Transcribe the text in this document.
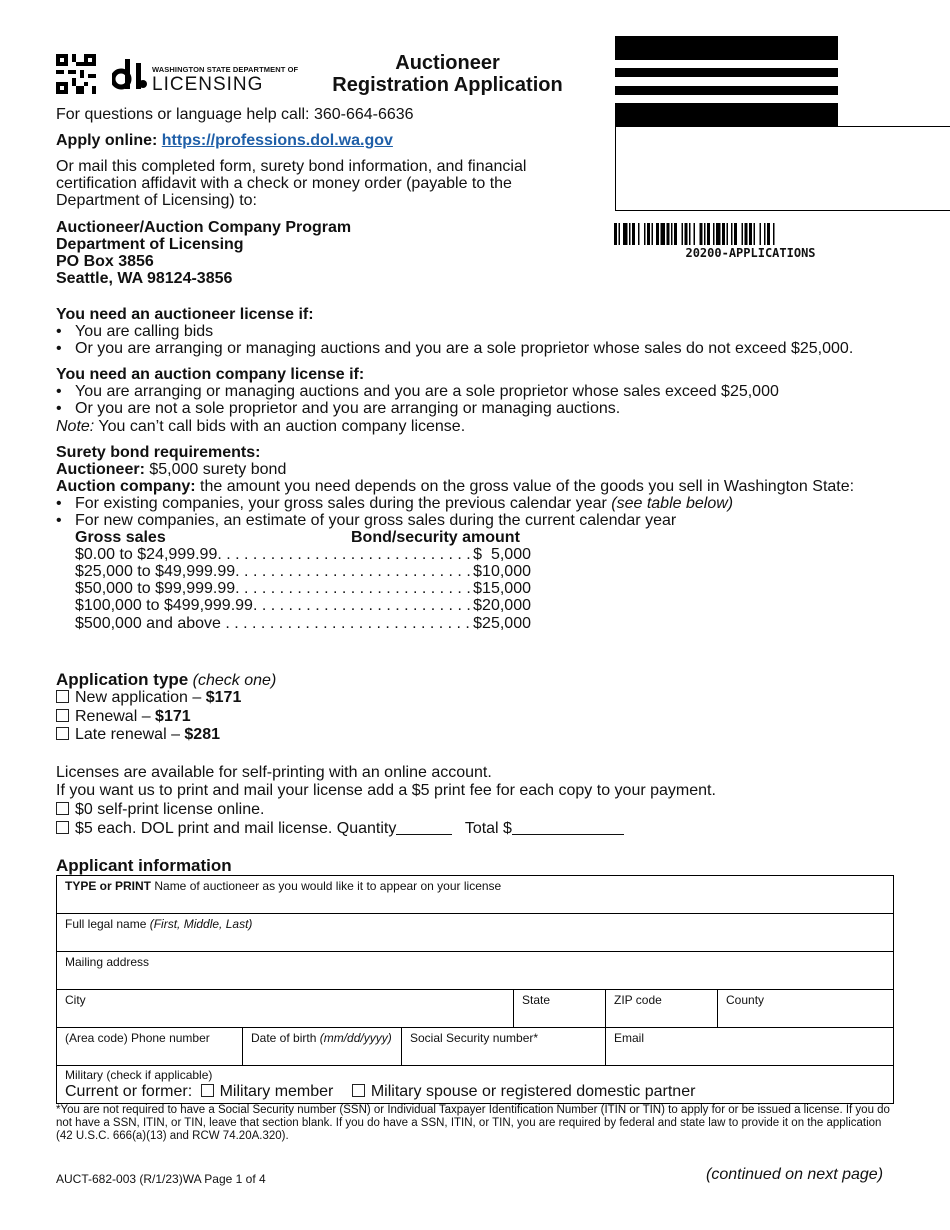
WASHINGTON STATE DEPARTMENT OF
LICENSING
Auctioneer
Registration Application
20200-APPLICATIONS
For questions or language help call: 360-664-6636
Apply online: https://professions.dol.wa.gov
Or mail this completed form, surety bond information, and financial
certification affidavit with a check or money order (payable to the
Department of Licensing) to:
Auctioneer/Auction Company Program
Department of Licensing
PO Box 3856
Seattle, WA 98124-3856
You need an auctioneer license if:
• You are calling bids
• Or you are arranging or managing auctions and you are a sole proprietor whose sales do not exceed $25,000.
You need an auction company license if:
• You are arranging or managing auctions and you are a sole proprietor whose sales exceed $25,000
• Or you are not a sole proprietor and you are arranging or managing auctions.
Note: You can’t call bids with an auction company license.
Surety bond requirements:
Auctioneer: $5,000 surety bond
Auction company: the amount you need depends on the gross value of the goods you sell in Washington State:
• For existing companies, your gross sales during the previous calendar year (see table below)
• For new companies, an estimate of your gross sales during the current calendar year
Gross sales	Bond/security amount
$0.00 to $24,999.99 . . .	$  5,000
$25,000 to $49,999.99 . . .	$10,000
$50,000 to $99,999.99 . . .	$15,000
$100,000 to $499,999.99 . . .	$20,000
$500,000 and above . . .	$25,000
Application type (check one)
New application – $171
Renewal – $171
Late renewal – $281
Licenses are available for self-printing with an online account.
If you want us to print and mail your license add a $5 print fee for each copy to your payment.
$0 self-print license online.
$5 each. DOL print and mail license. Quantity	Total $
Applicant information
TYPE or PRINT Name of auctioneer as you would like it to appear on your license
Full legal name (First, Middle, Last)
Mailing address
City	State	ZIP code	County
(Area code) Phone number	Date of birth (mm/dd/yyyy)	Social Security number*	Email
Military (check if applicable)
Current or former: Military member Military spouse or registered domestic partner
*You are not required to have a Social Security number (SSN) or Individual Taxpayer Identification Number (ITIN or TIN) to apply for or be issued a license. If you do not have a SSN, ITIN, or TIN, leave that section blank. If you do have a SSN, ITIN, or TIN, you are required by federal and state law to provide it on the application (42 U.S.C. 666(a)(13) and RCW 74.20A.320).
AUCT-682-003 (R/1/23)WA Page 1 of 4	(continued on next page)
